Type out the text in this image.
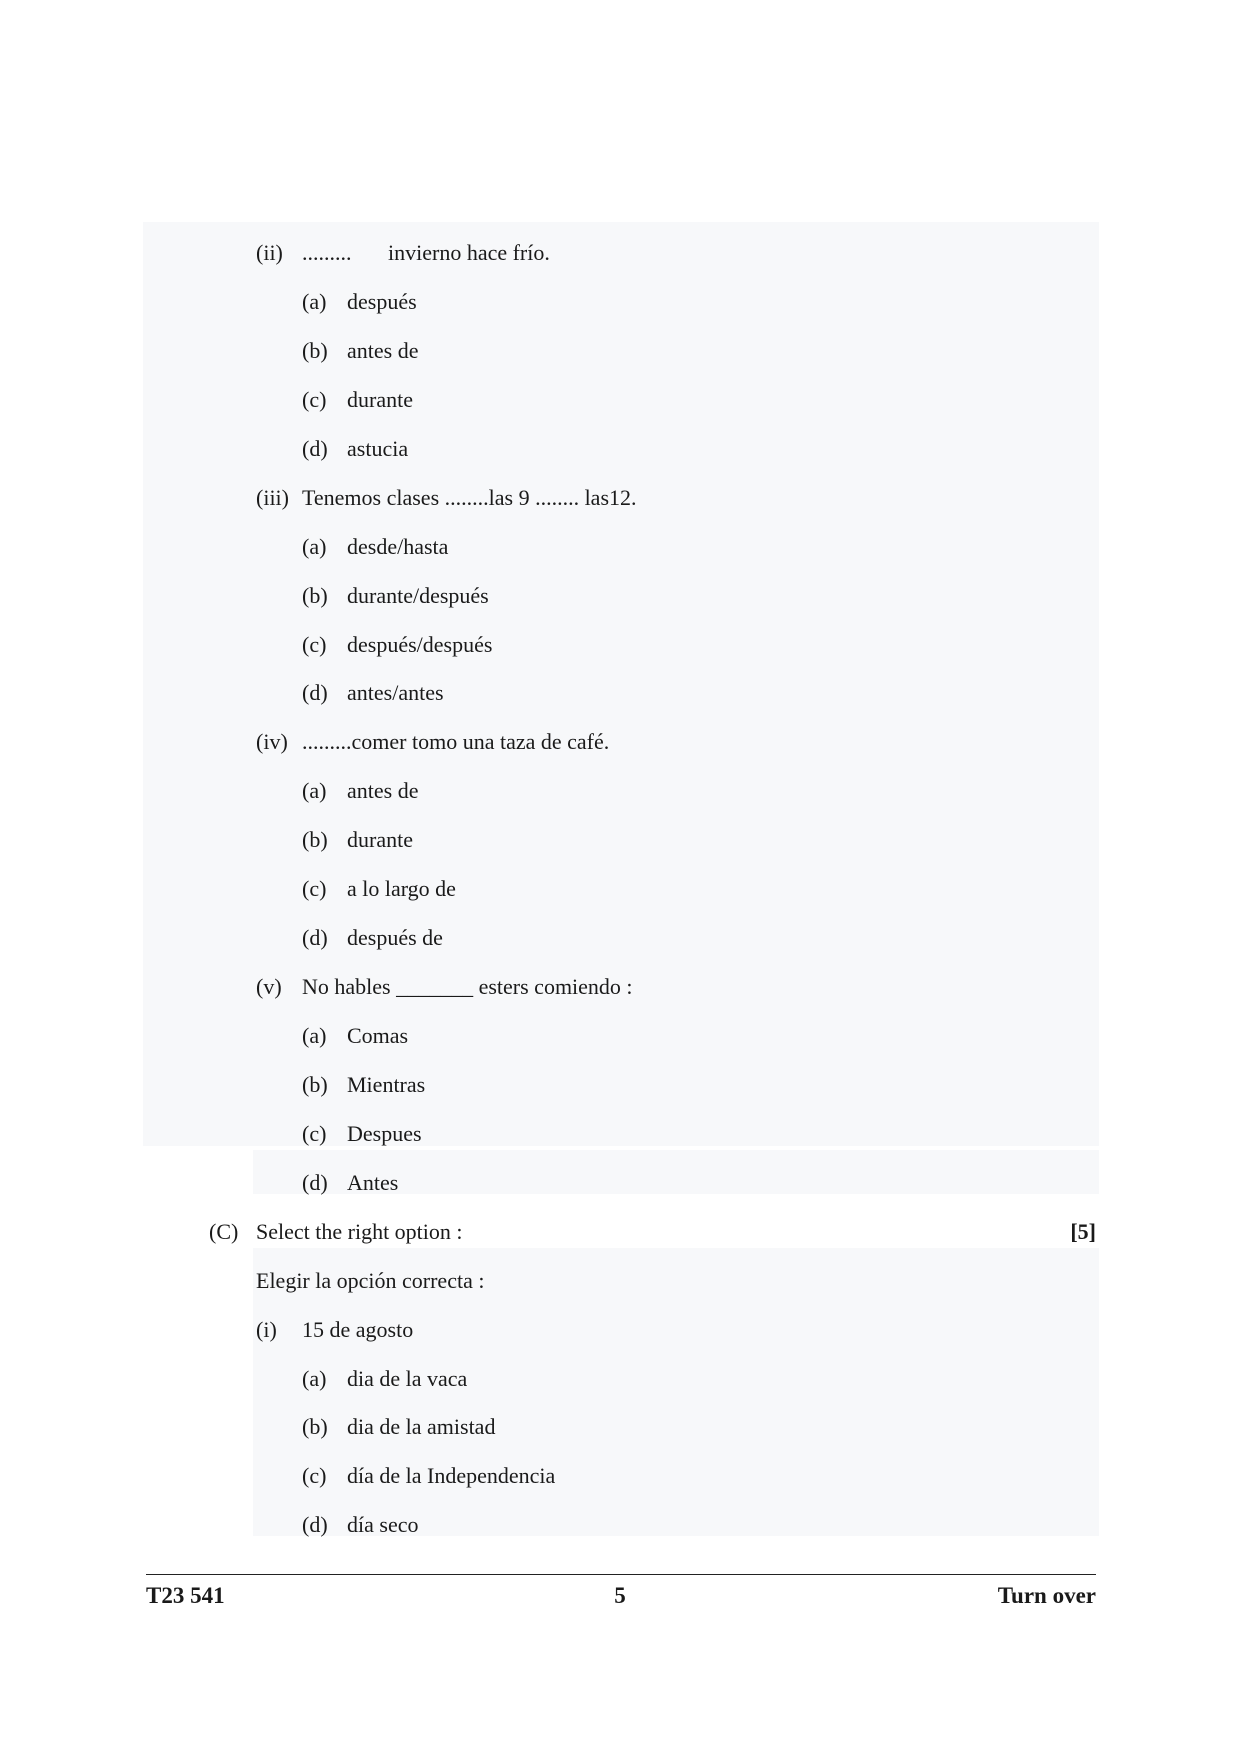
(ii) ......... invierno hace frío.
(a) después
(b) antes de
(c) durante
(d) astucia
(iii) Tenemos clases ........las 9 ........ las12.
(a) desde/hasta
(b) durante/después
(c) después/después
(d) antes/antes
(iv) .........comer tomo una taza de café.
(a) antes de
(b) durante
(c) a lo largo de
(d) después de
(v) No hables _______ esters comiendo :
(a) Comas
(b) Mientras
(c) Despues
(d) Antes
(C) Select the right option :	[5]
Elegir la opción correcta :
(i) 15 de agosto
(a) dia de la vaca
(b) dia de la amistad
(c) día de la Independencia
(d) día seco
T23 541	5	Turn over
